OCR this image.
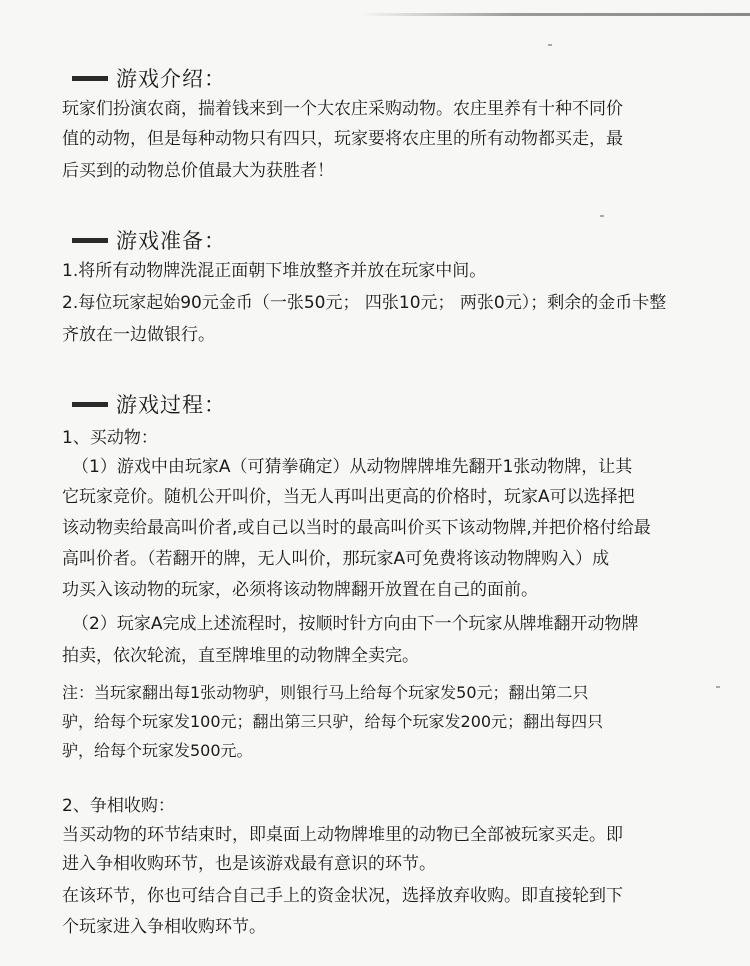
游戏介绍：
玩家们扮演农商，揣着钱来到一个大农庄采购动物。农庄里养有十种不同价
值的动物，但是每种动物只有四只，玩家要将农庄里的所有动物都买走，最
后买到的动物总价值最大为获胜者！
游戏准备：
1.将所有动物牌洗混正面朝下堆放整齐并放在玩家中间。
2.每位玩家起始90元金币（一张50元； 四张10元； 两张0元）；剩余的金币卡整
齐放在一边做银行。
游戏过程：
1、买动物：
（1）游戏中由玩家A（可猜拳确定）从动物牌牌堆先翻开1张动物牌，让其
它玩家竞价。随机公开叫价，当无人再叫出更高的价格时，玩家A可以选择把
该动物卖给最高叫价者,或自己以当时的最高叫价买下该动物牌,并把价格付给最
高叫价者。（若翻开的牌，无人叫价，那玩家A可免费将该动物牌购入）成
功买入该动物的玩家，必须将该动物牌翻开放置在自己的面前。
（2）玩家A完成上述流程时，按顺时针方向由下一个玩家从牌堆翻开动物牌
拍卖，依次轮流，直至牌堆里的动物牌全卖完。
注：当玩家翻出每1张动物驴，则银行马上给每个玩家发50元；翻出第二只
驴，给每个玩家发100元；翻出第三只驴，给每个玩家发200元；翻出每四只
驴，给每个玩家发500元。
2、争相收购：
当买动物的环节结束时，即桌面上动物牌堆里的动物已全部被玩家买走。即
进入争相收购环节，也是该游戏最有意识的环节。
在该环节，你也可结合自己手上的资金状况，选择放弃收购。即直接轮到下
个玩家进入争相收购环节。
